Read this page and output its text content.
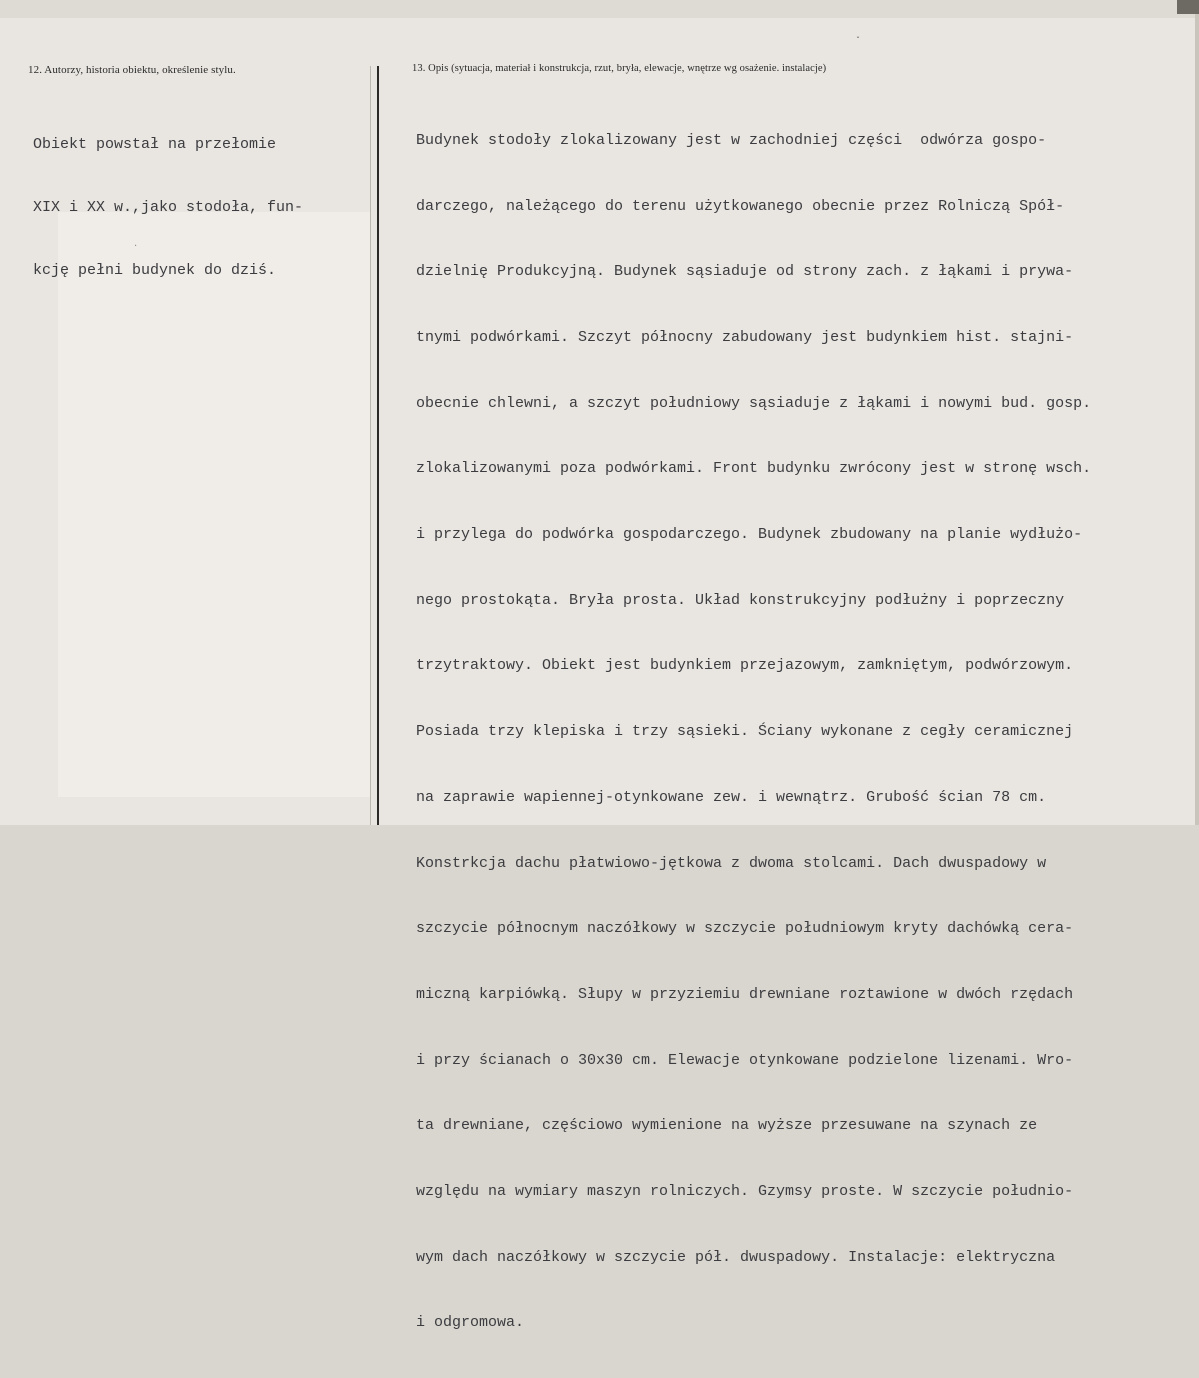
ˇ
.
12. Autorzy, historia obiektu, określenie stylu.

Obiekt powstał na przełomie

XIX i XX w.,jako stodoła, fun-

kcję pełni budynek do dziś.

13. Opis (sytuacja, materiał i konstrukcja, rzut, bryła, elewacje, wnętrze wg osażenie. instalacje)

Budynek stodoły zlokalizowany jest w zachodniej części  odwórza gospo-

darczego, należącego do terenu użytkowanego obecnie przez Rolniczą Spół-

dzielnię Produkcyjną. Budynek sąsiaduje od strony zach. z łąkami i prywa-

tnymi podwórkami. Szczyt północny zabudowany jest budynkiem hist. stajni-

obecnie chlewni, a szczyt południowy sąsiaduje z łąkami i nowymi bud. gosp.

zlokalizowanymi poza podwórkami. Front budynku zwrócony jest w stronę wsch.

i przylega do podwórka gospodarczego. Budynek zbudowany na planie wydłużo-

nego prostokąta. Bryła prosta. Układ konstrukcyjny podłużny i poprzeczny

trzytraktowy. Obiekt jest budynkiem przejazowym, zamkniętym, podwórzowym.

Posiada trzy klepiska i trzy sąsieki. Ściany wykonane z cegły ceramicznej

na zaprawie wapiennej-otynkowane zew. i wewnątrz. Grubość ścian 78 cm.

Konstrkcja dachu płatwiowo-jętkowa z dwoma stolcami. Dach dwuspadowy w

szczycie północnym naczółkowy w szczycie południowym kryty dachówką cera-

miczną karpiówką. Słupy w przyziemiu drewniane roztawione w dwóch rzędach

i przy ścianach o 30x30 cm. Elewacje otynkowane podzielone lizenami. Wro-

ta drewniane, częściowo wymienione na wyższe przesuwane na szynach ze

względu na wymiary maszyn rolniczych. Gzymsy proste. W szczycie południo-

wym dach naczółkowy w szczycie pół. dwuspadowy. Instalacje: elektryczna

i odgromowa.
